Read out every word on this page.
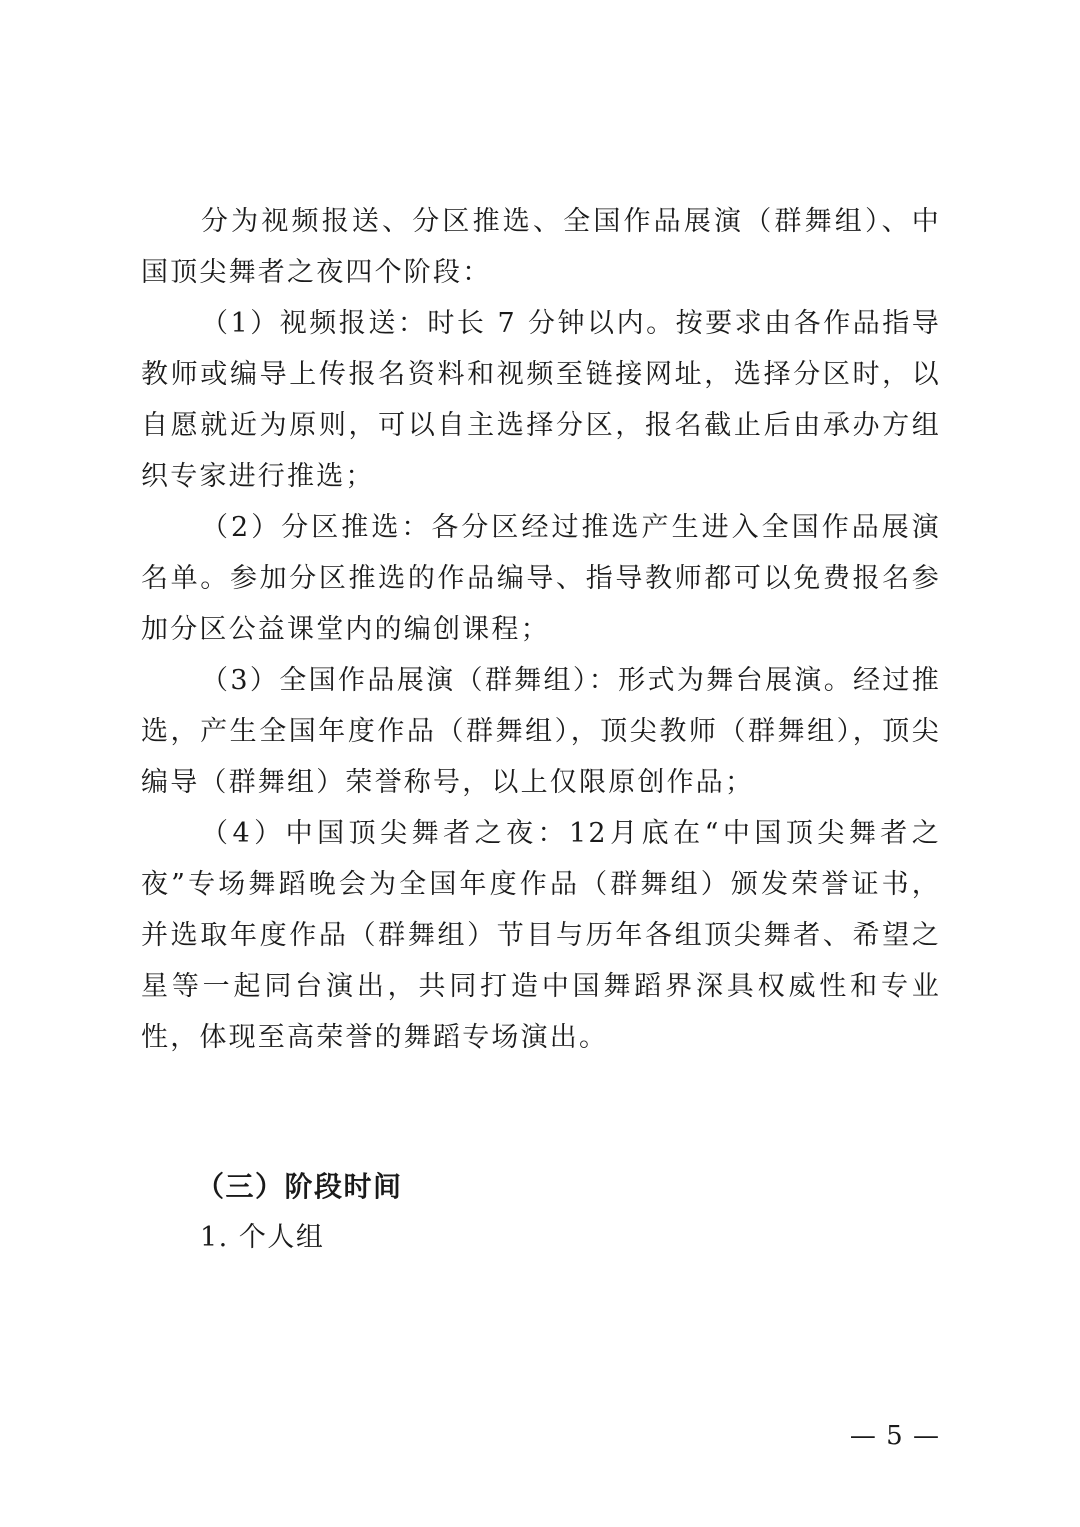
分为视频报送、分区推选、全国作品展演（群舞组）、中国顶尖舞者之夜四个阶段：

（1）视频报送：时长 7 分钟以内。按要求由各作品指导教师或编导上传报名资料和视频至链接网址，选择分区时，以自愿就近为原则，可以自主选择分区，报名截止后由承办方组织专家进行推选；

（2）分区推选：各分区经过推选产生进入全国作品展演名单。参加分区推选的作品编导、指导教师都可以免费报名参加分区公益课堂内的编创课程；

（3）全国作品展演（群舞组）：形式为舞台展演。经过推选，产生全国年度作品（群舞组），顶尖教师（群舞组），顶尖编导（群舞组）荣誉称号，以上仅限原创作品；

（4）中国顶尖舞者之夜：12月底在“中国顶尖舞者之夜”专场舞蹈晚会为全国年度作品（群舞组）颁发荣誉证书，并选取年度作品（群舞组）节目与历年各组顶尖舞者、希望之星等一起同台演出，共同打造中国舞蹈界深具权威性和专业性，体现至高荣誉的舞蹈专场演出。

（三）阶段时间

1. 个人组

— 5 —
